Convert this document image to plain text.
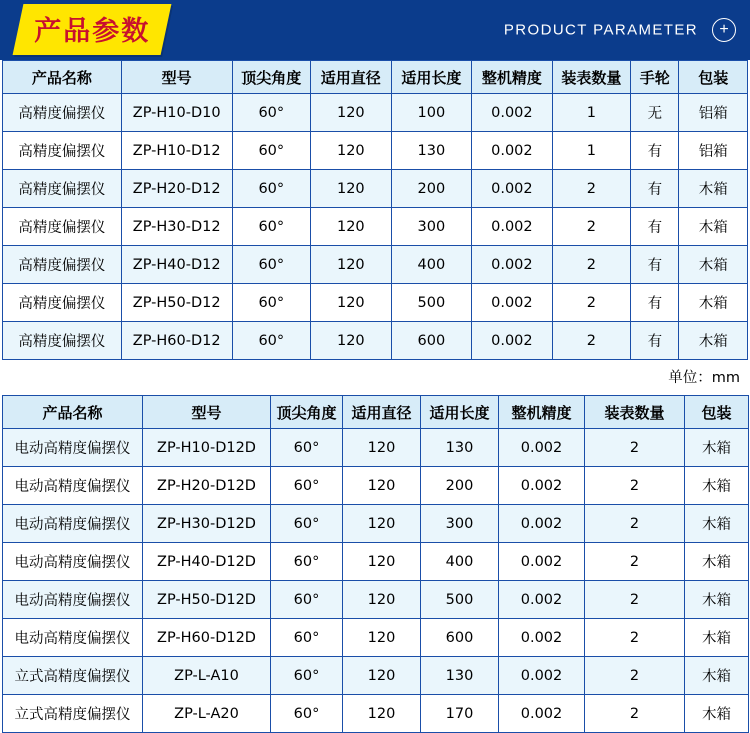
产品参数	PRODUCT PARAMETER	+
产品名称	型号	顶尖角度	适用直径	适用长度	整机精度	装表数量	手轮	包装
高精度偏摆仪	ZP-H10-D10	60°	120	100	0.002	1	无	铝箱
高精度偏摆仪	ZP-H10-D12	60°	120	130	0.002	1	有	铝箱
高精度偏摆仪	ZP-H20-D12	60°	120	200	0.002	2	有	木箱
高精度偏摆仪	ZP-H30-D12	60°	120	300	0.002	2	有	木箱
高精度偏摆仪	ZP-H40-D12	60°	120	400	0.002	2	有	木箱
高精度偏摆仪	ZP-H50-D12	60°	120	500	0.002	2	有	木箱
高精度偏摆仪	ZP-H60-D12	60°	120	600	0.002	2	有	木箱
单位：mm
产品名称	型号	顶尖角度	适用直径	适用长度	整机精度	装表数量	包装
电动高精度偏摆仪	ZP-H10-D12D	60°	120	130	0.002	2	木箱
电动高精度偏摆仪	ZP-H20-D12D	60°	120	200	0.002	2	木箱
电动高精度偏摆仪	ZP-H30-D12D	60°	120	300	0.002	2	木箱
电动高精度偏摆仪	ZP-H40-D12D	60°	120	400	0.002	2	木箱
电动高精度偏摆仪	ZP-H50-D12D	60°	120	500	0.002	2	木箱
电动高精度偏摆仪	ZP-H60-D12D	60°	120	600	0.002	2	木箱
立式高精度偏摆仪	ZP-L-A10	60°	120	130	0.002	2	木箱
立式高精度偏摆仪	ZP-L-A20	60°	120	170	0.002	2	木箱
